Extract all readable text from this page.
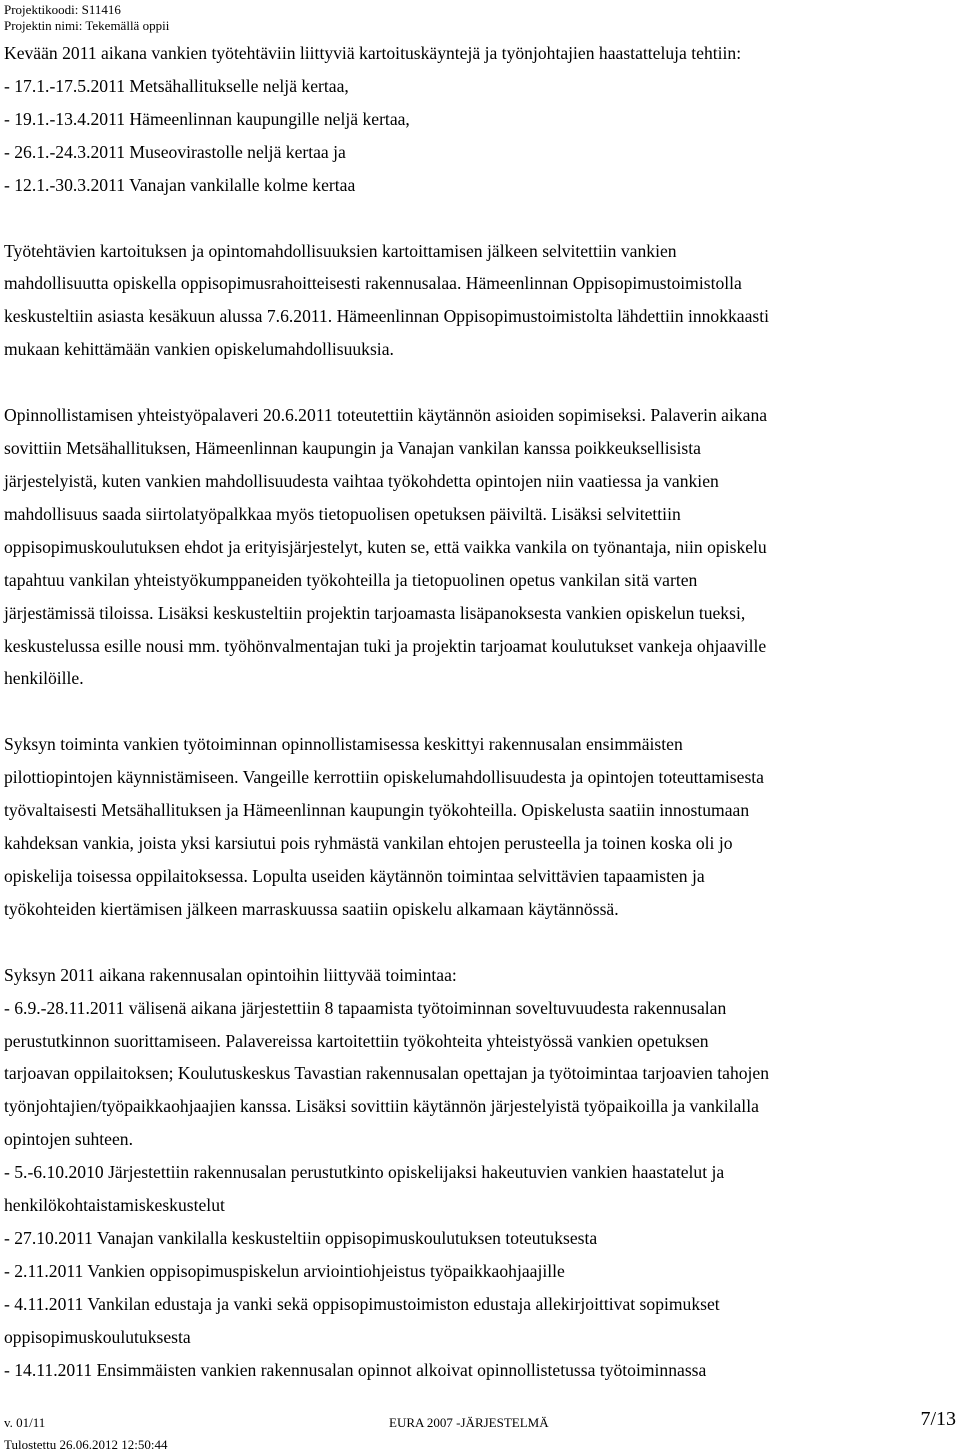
Projektikoodi: S11416
Projektin nimi: Tekemällä oppii
Kevään 2011 aikana vankien työtehtäviin liittyviä kartoituskäyntejä ja työnjohtajien haastatteluja tehtiin:
- 17.1.-17.5.2011 Metsähallitukselle neljä kertaa,
- 19.1.-13.4.2011 Hämeenlinnan kaupungille neljä kertaa,
- 26.1.-24.3.2011 Museovirastolle neljä kertaa ja
- 12.1.-30.3.2011 Vanajan vankilalle kolme kertaa
Työtehtävien kartoituksen ja opintomahdollisuuksien kartoittamisen jälkeen selvitettiin vankien
mahdollisuutta opiskella oppisopimusrahoitteisesti rakennusalaa. Hämeenlinnan Oppisopimustoimistolla
keskusteltiin asiasta kesäkuun alussa 7.6.2011. Hämeenlinnan Oppisopimustoimistolta lähdettiin innokkaasti
mukaan kehittämään vankien opiskelumahdollisuuksia.
Opinnollistamisen yhteistyöpalaveri 20.6.2011 toteutettiin käytännön asioiden sopimiseksi. Palaverin aikana
sovittiin Metsähallituksen, Hämeenlinnan kaupungin ja Vanajan vankilan kanssa poikkeuksellisista
järjestelyistä, kuten vankien mahdollisuudesta vaihtaa työkohdetta opintojen niin vaatiessa ja vankien
mahdollisuus saada siirtolatyöpalkkaa myös tietopuolisen opetuksen päiviltä. Lisäksi selvitettiin
oppisopimuskoulutuksen ehdot ja erityisjärjestelyt, kuten se, että vaikka vankila on työnantaja, niin opiskelu
tapahtuu vankilan yhteistyökumppaneiden työkohteilla ja tietopuolinen opetus vankilan sitä varten
järjestämissä tiloissa. Lisäksi keskusteltiin projektin tarjoamasta lisäpanoksesta vankien opiskelun tueksi,
keskustelussa esille nousi mm. työhönvalmentajan tuki ja projektin tarjoamat koulutukset vankeja ohjaaville
henkilöille.
Syksyn toiminta vankien työtoiminnan opinnollistamisessa keskittyi rakennusalan ensimmäisten
pilottiopintojen käynnistämiseen. Vangeille kerrottiin opiskelumahdollisuudesta ja opintojen toteuttamisesta
työvaltaisesti Metsähallituksen ja Hämeenlinnan kaupungin työkohteilla. Opiskelusta saatiin innostumaan
kahdeksan vankia, joista yksi karsiutui pois ryhmästä vankilan ehtojen perusteella ja toinen koska oli jo
opiskelija toisessa oppilaitoksessa. Lopulta useiden käytännön toimintaa selvittävien tapaamisten ja
työkohteiden kiertämisen jälkeen marraskuussa saatiin opiskelu alkamaan käytännössä.
Syksyn 2011 aikana rakennusalan opintoihin liittyvää toimintaa:
- 6.9.-28.11.2011 välisenä aikana järjestettiin 8 tapaamista työtoiminnan soveltuvuudesta rakennusalan
perustutkinnon suorittamiseen. Palavereissa kartoitettiin työkohteita yhteistyössä vankien opetuksen
tarjoavan oppilaitoksen; Koulutuskeskus Tavastian rakennusalan opettajan ja työtoimintaa tarjoavien tahojen
työnjohtajien/työpaikkaohjaajien kanssa. Lisäksi sovittiin käytännön järjestelyistä työpaikoilla ja vankilalla
opintojen suhteen.
- 5.-6.10.2010 Järjestettiin rakennusalan perustutkinto opiskelijaksi hakeutuvien vankien haastatelut ja
henkilökohtaistamiskeskustelut
- 27.10.2011 Vanajan vankilalla keskusteltiin oppisopimuskoulutuksen toteutuksesta
- 2.11.2011 Vankien oppisopimuspiskelun arviointiohjeistus työpaikkaohjaajille
- 4.11.2011 Vankilan edustaja ja vanki sekä oppisopimustoimiston edustaja allekirjoittivat sopimukset
oppisopimuskoulutuksesta
- 14.11.2011 Ensimmäisten vankien rakennusalan opinnot alkoivat opinnollistetussa työtoiminnassa
v. 01/11	EURA 2007 -JÄRJESTELMÄ	7/13
Tulostettu 26.06.2012 12:50:44
